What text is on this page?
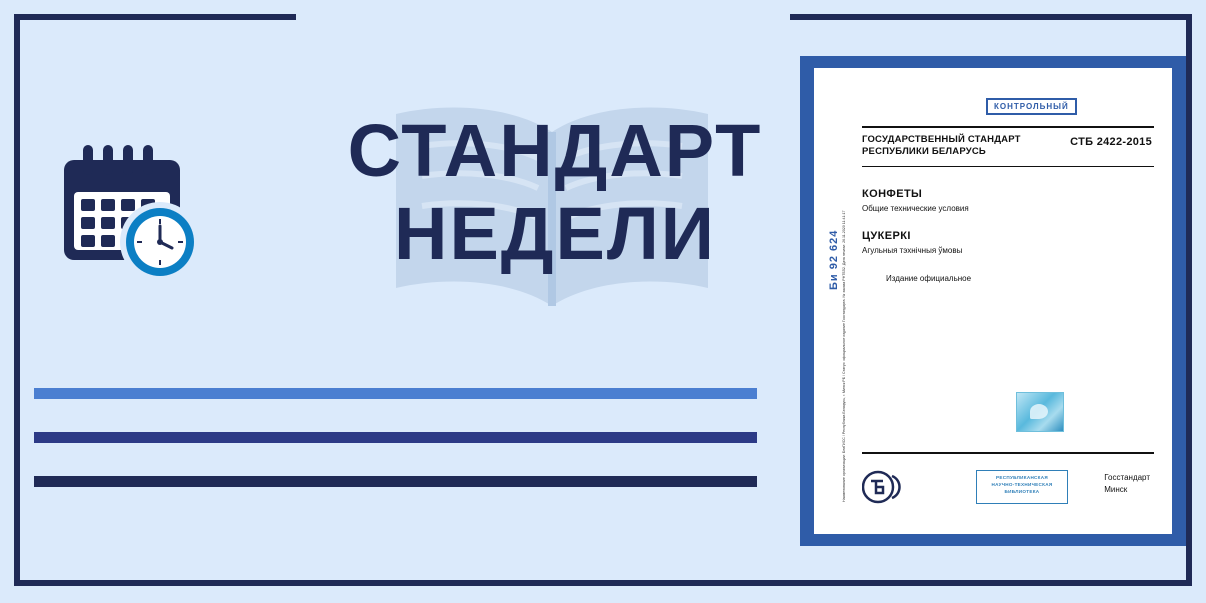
СТАНДАРТ
НЕДЕЛИ
КОНТРОЛЬНЫЙ
ГОСУДАРСТВЕННЫЙ СТАНДАРТ
РЕСПУБЛИКИ БЕЛАРУСЬ
СТБ 2422-2015
КОНФЕТЫ
Общие технические условия
ЦУКЕРКІ
Агульныя тэхнічныя ўмовы
Издание официальное
Би 92 624 Наименование организации: БелГИСС / Республика Беларусь, г. Минск РБ / Статус: официальное издание Госстандарта. № заказа РНТБ52. Дата печати: 26.11.2020 11:41:17	РЕСПУБЛИКАНСКАЯ
НАУЧНО-ТЕХНИЧЕСКАЯ
БИБЛИОТЕКА
Госстандарт
Минск
